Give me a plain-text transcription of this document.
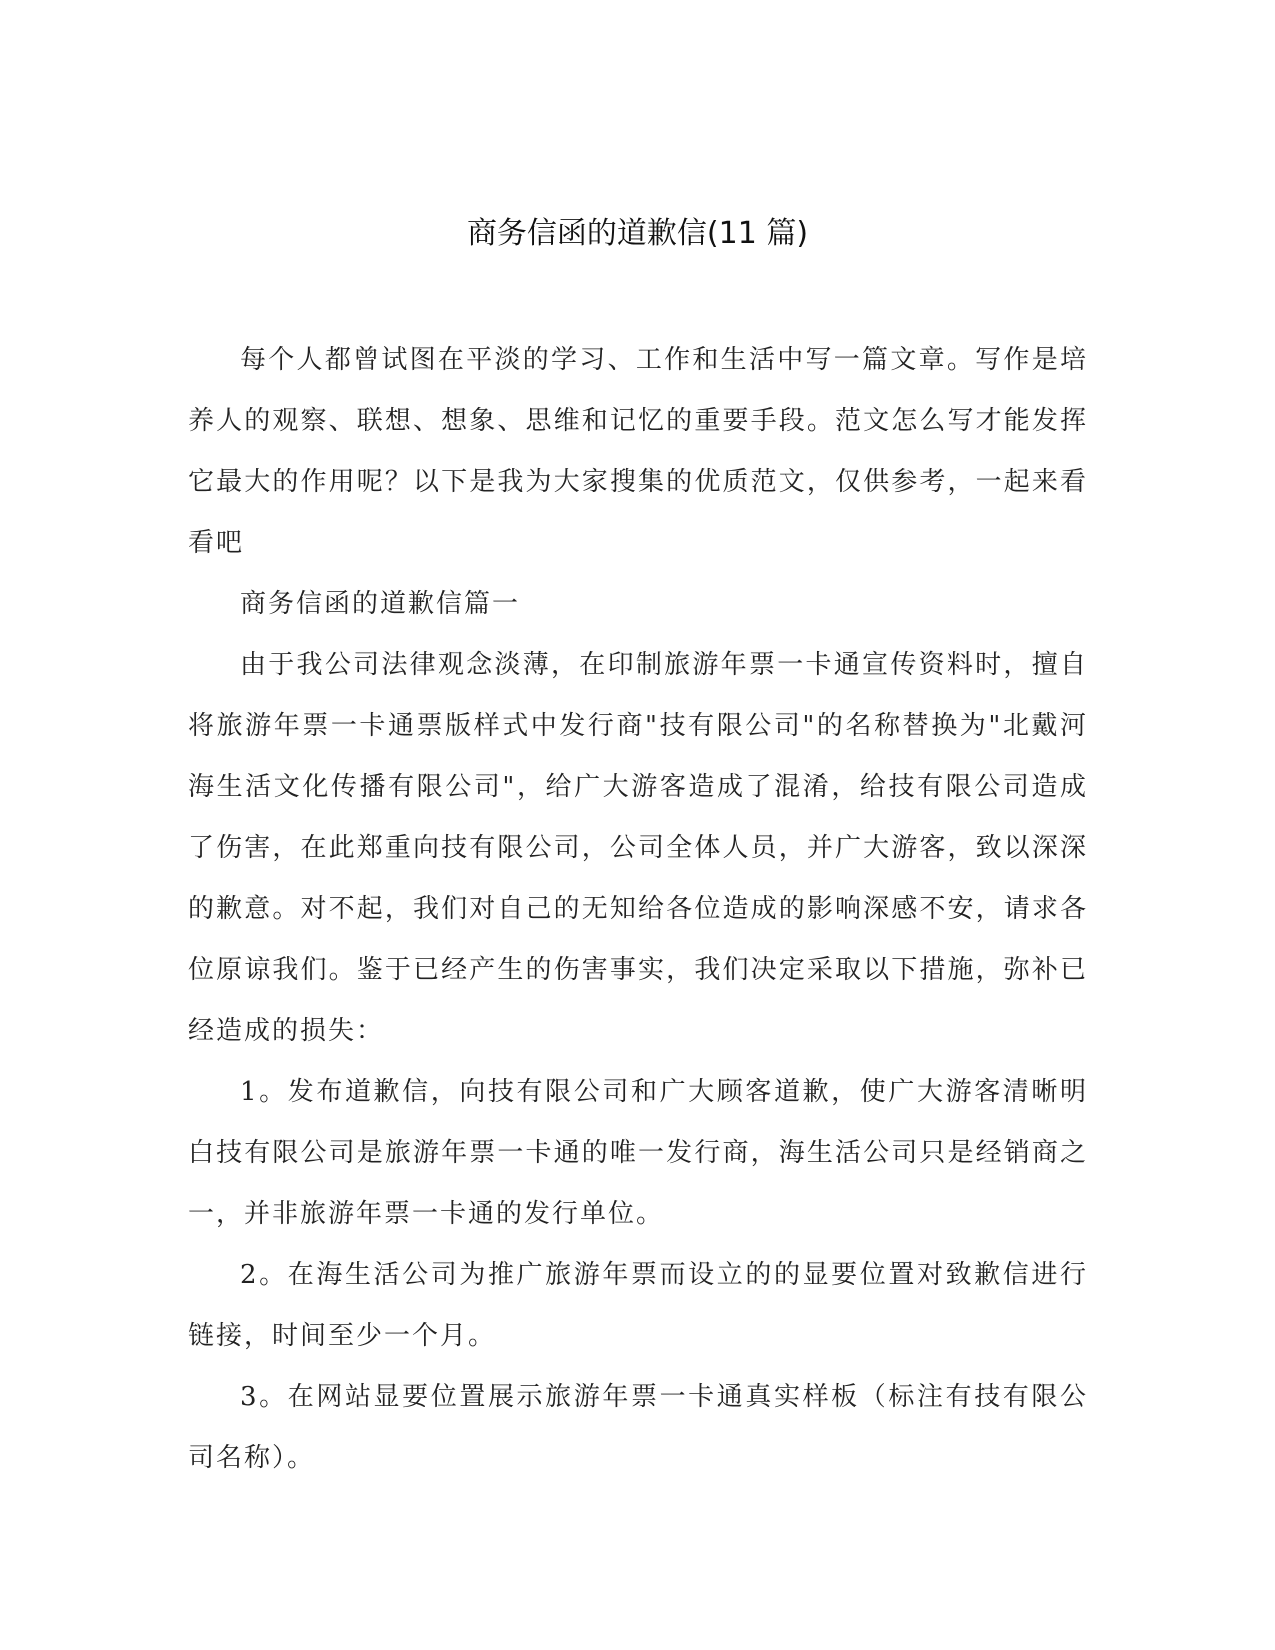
商务信函的道歉信(11 篇)

每个人都曾试图在平淡的学习、工作和生活中写一篇文章。写作是培养人的观察、联想、想象、思维和记忆的重要手段。范文怎么写才能发挥它最大的作用呢？以下是我为大家搜集的优质范文，仅供参考，一起来看看吧

商务信函的道歉信篇一

由于我公司法律观念淡薄，在印制旅游年票一卡通宣传资料时，擅自将旅游年票一卡通票版样式中发行商"技有限公司"的名称替换为"北戴河海生活文化传播有限公司"，给广大游客造成了混淆，给技有限公司造成了伤害，在此郑重向技有限公司，公司全体人员，并广大游客，致以深深的歉意。对不起，我们对自己的无知给各位造成的影响深感不安，请求各位原谅我们。鉴于已经产生的伤害事实，我们决定采取以下措施，弥补已经造成的损失：

1。发布道歉信，向技有限公司和广大顾客道歉，使广大游客清晰明白技有限公司是旅游年票一卡通的唯一发行商，海生活公司只是经销商之一，并非旅游年票一卡通的发行单位。

2。在海生活公司为推广旅游年票而设立的的显要位置对致歉信进行链接，时间至少一个月。

3。在网站显要位置展示旅游年票一卡通真实样板（标注有技有限公司名称）。
